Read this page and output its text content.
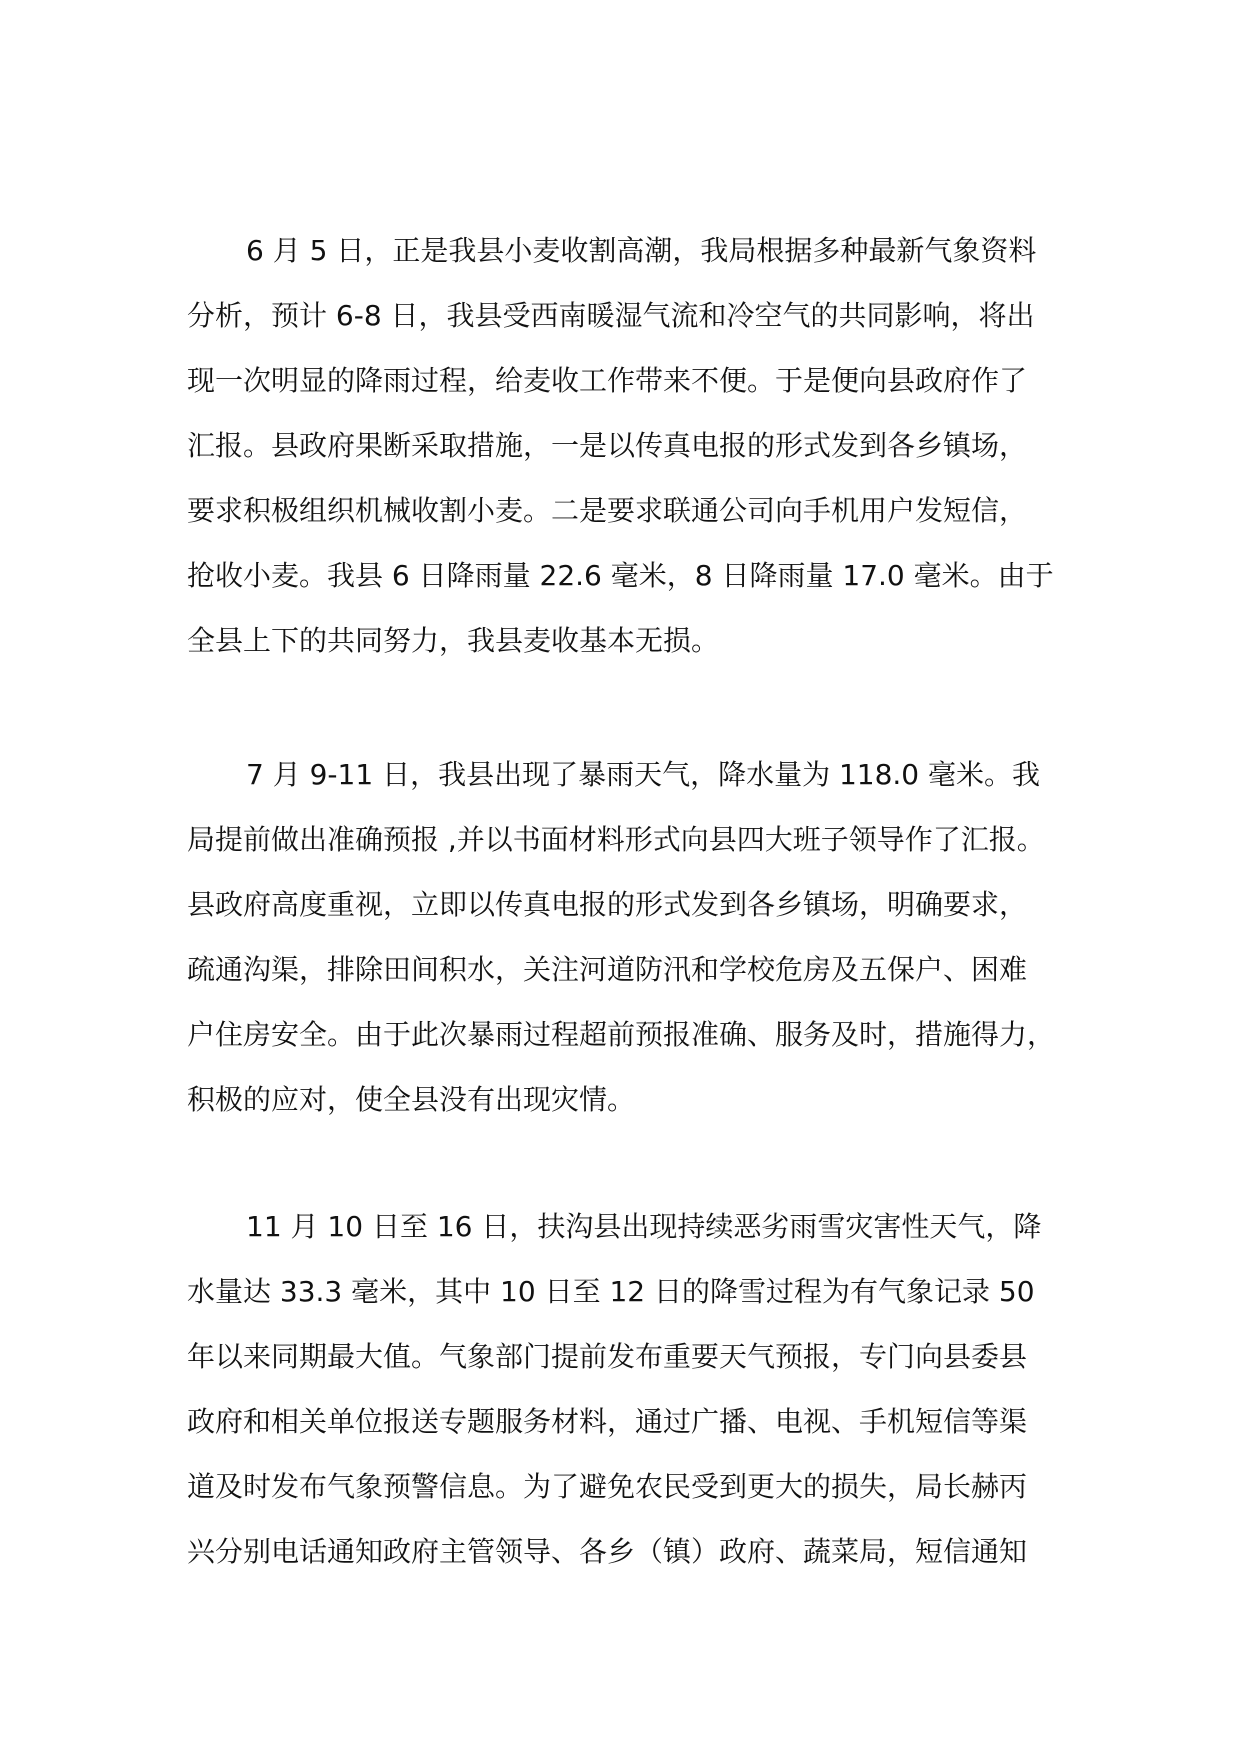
6 月 5 日，正是我县小麦收割高潮，我局根据多种最新气象资料
分析，预计 6-8 日，我县受西南暖湿气流和冷空气的共同影响，将出
现一次明显的降雨过程，给麦收工作带来不便。于是便向县政府作了
汇报。县政府果断采取措施，一是以传真电报的形式发到各乡镇场，
要求积极组织机械收割小麦。二是要求联通公司向手机用户发短信，
抢收小麦。我县 6 日降雨量 22.6 毫米，8 日降雨量 17.0 毫米。由于
全县上下的共同努力，我县麦收基本无损。
7 月 9-11 日，我县出现了暴雨天气，降水量为 118.0 毫米。我
局提前做出准确预报 ,并以书面材料形式向县四大班子领导作了汇报。
县政府高度重视，立即以传真电报的形式发到各乡镇场，明确要求，
疏通沟渠，排除田间积水，关注河道防汛和学校危房及五保户、困难
户住房安全。由于此次暴雨过程超前预报准确、服务及时，措施得力，
积极的应对，使全县没有出现灾情。
11 月 10 日至 16 日，扶沟县出现持续恶劣雨雪灾害性天气，降
水量达 33.3 毫米，其中 10 日至 12 日的降雪过程为有气象记录 50
年以来同期最大值。气象部门提前发布重要天气预报，专门向县委县
政府和相关单位报送专题服务材料，通过广播、电视、手机短信等渠
道及时发布气象预警信息。为了避免农民受到更大的损失，局长赫丙
兴分别电话通知政府主管领导、各乡（镇）政府、蔬菜局，短信通知
